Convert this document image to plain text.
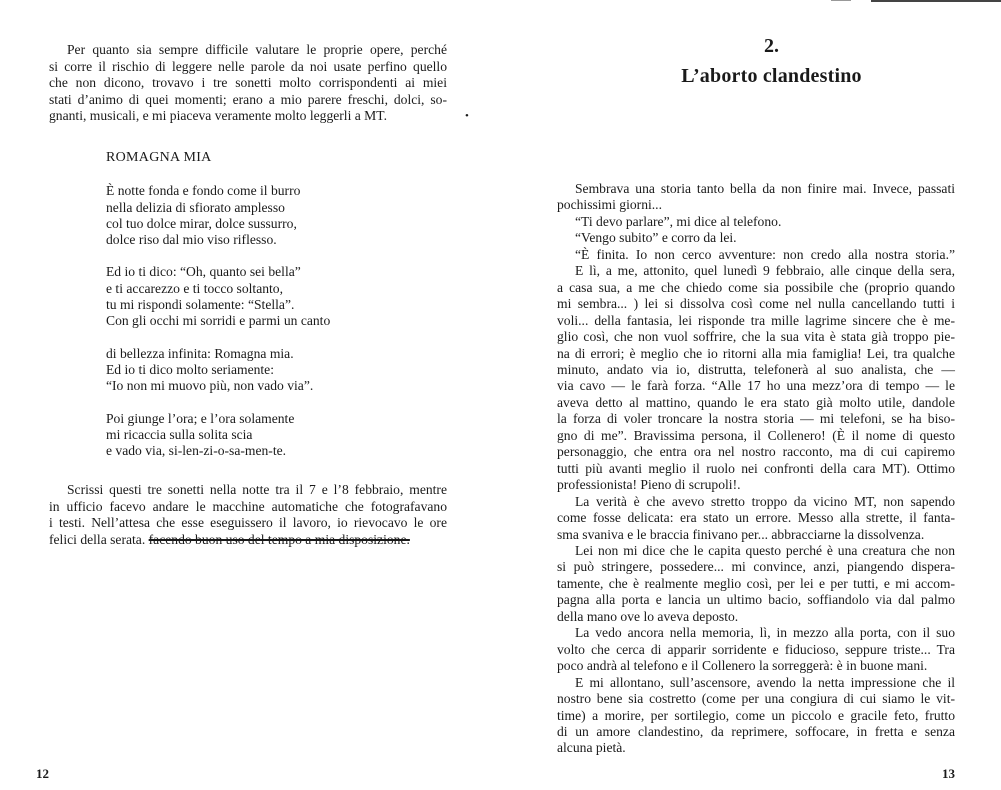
Per quanto sia sempre difficile valutare le proprie opere, perché
si corre il rischio di leggere nelle parole da noi usate perfino quello
che non dicono, trovavo i tre sonetti molto corrispondenti ai miei
stati d’animo di quei momenti; erano a mio parere freschi, dolci, so-
gnanti, musicali, e mi piaceva veramente molto leggerli a MT.	•
ROMAGNA MIA
È notte fonda e fondo come il burro
nella delizia di sfiorato amplesso
col tuo dolce mirar, dolce sussurro,
dolce riso dal mio viso riflesso.
Ed io ti dico: “Oh, quanto sei bella”
e ti accarezzo e ti tocco soltanto,
tu mi rispondi solamente: “Stella”.
Con gli occhi mi sorridi e parmi un canto
di bellezza infinita: Romagna mia.
Ed io ti dico molto seriamente:
“Io non mi muovo più, non vado via”.
Poi giunge l’ora; e l’ora solamente
mi ricaccia sulla solita scia
e vado via, si-len-zi-o-sa-men-te.
Scrissi questi tre sonetti nella notte tra il 7 e l’8 febbraio, mentre
in ufficio facevo andare le macchine automatiche che fotografavano
i testi. Nell’attesa che esse eseguissero il lavoro, io rievocavo le ore
felici della serata. facendo buon uso del tempo a mia disposizione.
12
2.
L’aborto clandestino
Sembrava una storia tanto bella da non finire mai. Invece, passati
pochissimi giorni...
“Ti devo parlare”, mi dice al telefono.
“Vengo subito” e corro da lei.
“È finita. Io non cerco avventure: non credo alla nostra storia.”
E lì, a me, attonito, quel lunedì 9 febbraio, alle cinque della sera,
a casa sua, a me che chiedo come sia possibile che (proprio quando
mi sembra... ) lei si dissolva così come nel nulla cancellando tutti i
voli... della fantasia, lei risponde tra mille lagrime sincere che è me-
glio così, che non vuol soffrire, che la sua vita è stata già troppo pie-
na di errori; è meglio che io ritorni alla mia famiglia! Lei, tra qualche
minuto, andato via io, distrutta, telefonerà al suo analista, che —
via cavo — le farà forza. “Alle 17 ho una mezz’ora di tempo — le
aveva detto al mattino, quando le era stato già molto utile, dandole
la forza di voler troncare la nostra storia — mi telefoni, se ha biso-
gno di me”. Bravissima persona, il Collenero! (È il nome di questo
personaggio, che entra ora nel nostro racconto, ma di cui capiremo
tutti più avanti meglio il ruolo nei confronti della cara MT). Ottimo
professionista! Pieno di scrupoli!.
La verità è che avevo stretto troppo da vicino MT, non sapendo
come fosse delicata: era stato un errore. Messo alla strette, il fanta-
sma svaniva e le braccia finivano per... abbracciarne la dissolvenza.
Lei non mi dice che le capita questo perché è una creatura che non
si può stringere, possedere... mi convince, anzi, piangendo dispera-
tamente, che è realmente meglio così, per lei e per tutti, e mi accom-
pagna alla porta e lancia un ultimo bacio, soffiandolo via dal palmo
della mano ove lo aveva deposto.
La vedo ancora nella memoria, lì, in mezzo alla porta, con il suo
volto che cerca di apparir sorridente e fiducioso, seppure triste... Tra
poco andrà al telefono e il Collenero la sorreggerà: è in buone mani.
E mi allontano, sull’ascensore, avendo la netta impressione che il
nostro bene sia costretto (come per una congiura di cui siamo le vit-
time) a morire, per sortilegio, come un piccolo e gracile feto, frutto
di un amore clandestino, da reprimere, soffocare, in fretta e senza
alcuna pietà.
13
